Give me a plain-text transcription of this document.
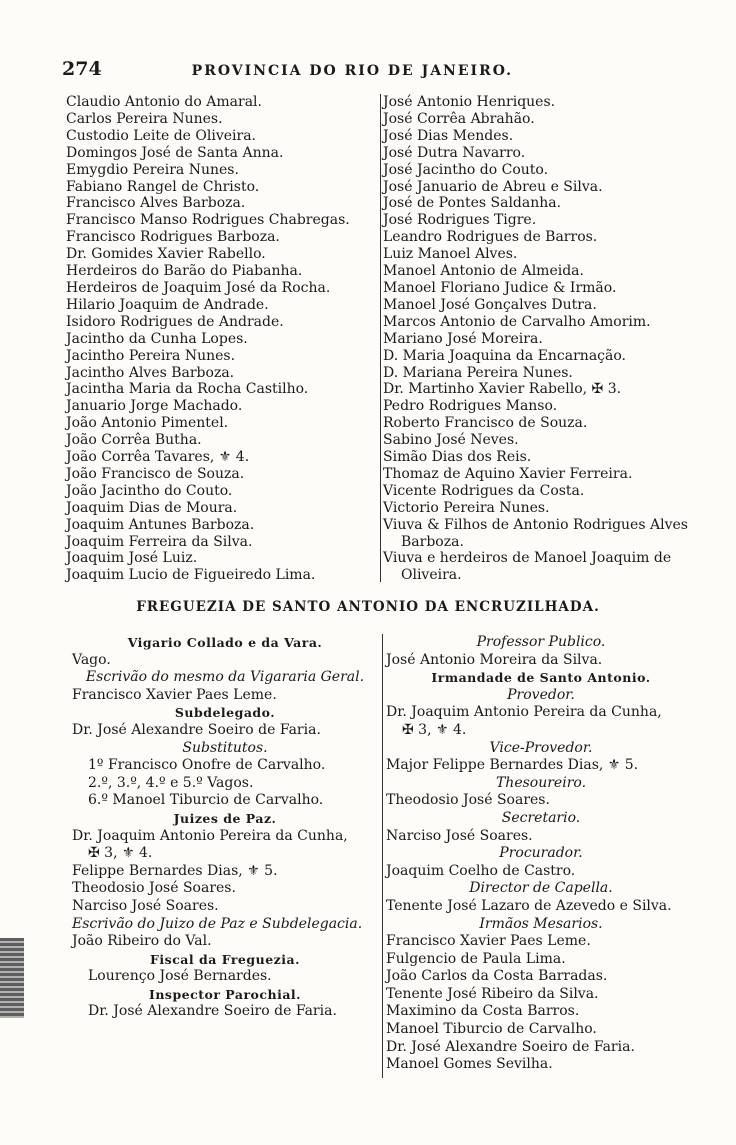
274	PROVINCIA DO RIO DE JANEIRO.
Claudio Antonio do Amaral.
Carlos Pereira Nunes.
Custodio Leite de Oliveira.
Domingos José de Santa Anna.
Emygdio Pereira Nunes.
Fabiano Rangel de Christo.
Francisco Alves Barboza.
Francisco Manso Rodrigues Chabregas.
Francisco Rodrigues Barboza.
Dr. Gomides Xavier Rabello.
Herdeiros do Barão do Piabanha.
Herdeiros de Joaquim José da Rocha.
Hilario Joaquim de Andrade.
Isidoro Rodrigues de Andrade.
Jacintho da Cunha Lopes.
Jacintho Pereira Nunes.
Jacintho Alves Barboza.
Jacintha Maria da Rocha Castilho.
Januario Jorge Machado.
João Antonio Pimentel.
João Corrêa Butha.
João Corrêa Tavares, ⚜ 4.
João Francisco de Souza.
João Jacintho do Couto.
Joaquim Dias de Moura.
Joaquim Antunes Barboza.
Joaquim Ferreira da Silva.
Joaquim José Luiz.
Joaquim Lucio de Figueiredo Lima.
José Antonio Henriques.
José Corrêa Abrahão.
José Dias Mendes.
José Dutra Navarro.
José Jacintho do Couto.
José Januario de Abreu e Silva.
José de Pontes Saldanha.
José Rodrigues Tigre.
Leandro Rodrigues de Barros.
Luiz Manoel Alves.
Manoel Antonio de Almeida.
Manoel Floriano Judice & Irmão.
Manoel José Gonçalves Dutra.
Marcos Antonio de Carvalho Amorim.
Mariano José Moreira.
D. Maria Joaquina da Encarnação.
D. Mariana Pereira Nunes.
Dr. Martinho Xavier Rabello, ✠ 3.
Pedro Rodrigues Manso.
Roberto Francisco de Souza.
Sabino José Neves.
Simão Dias dos Reis.
Thomaz de Aquino Xavier Ferreira.
Vicente Rodrigues da Costa.
Victorio Pereira Nunes.
Viuva & Filhos de Antonio Rodrigues Alves
Barboza.
Viuva e herdeiros de Manoel Joaquim de
Oliveira.
FREGUEZIA DE SANTO ANTONIO DA ENCRUZILHADA.
Vigario Collado e da Vara.
Vago.
Escrivão do mesmo da Vigararia Geral.
Francisco Xavier Paes Leme.
Subdelegado.
Dr. José Alexandre Soeiro de Faria.
Substitutos.
1º Francisco Onofre de Carvalho.
2.º, 3.º, 4.º e 5.º Vagos.
6.º Manoel Tiburcio de Carvalho.
Juizes de Paz.
Dr. Joaquim Antonio Pereira da Cunha,
✠ 3, ⚜ 4.
Felippe Bernardes Dias, ⚜ 5.
Theodosio José Soares.
Narciso José Soares.
Escrivão do Juizo de Paz e Subdelegacia.
João Ribeiro do Val.
Fiscal da Freguezia.
Lourenço José Bernardes.
Inspector Parochial.
Dr. José Alexandre Soeiro de Faria.
Professor Publico.
José Antonio Moreira da Silva.
Irmandade de Santo Antonio.
Provedor.
Dr. Joaquim Antonio Pereira da Cunha,
✠ 3, ⚜ 4.
Vice-Provedor.
Major Felippe Bernardes Dias, ⚜ 5.
Thesoureiro.
Theodosio José Soares.
Secretario.
Narciso José Soares.
Procurador.
Joaquim Coelho de Castro.
Director de Capella.
Tenente José Lazaro de Azevedo e Silva.
Irmãos Mesarios.
Francisco Xavier Paes Leme.
Fulgencio de Paula Lima.
João Carlos da Costa Barradas.
Tenente José Ribeiro da Silva.
Maximino da Costa Barros.
Manoel Tiburcio de Carvalho.
Dr. José Alexandre Soeiro de Faria.
Manoel Gomes Sevilha.
